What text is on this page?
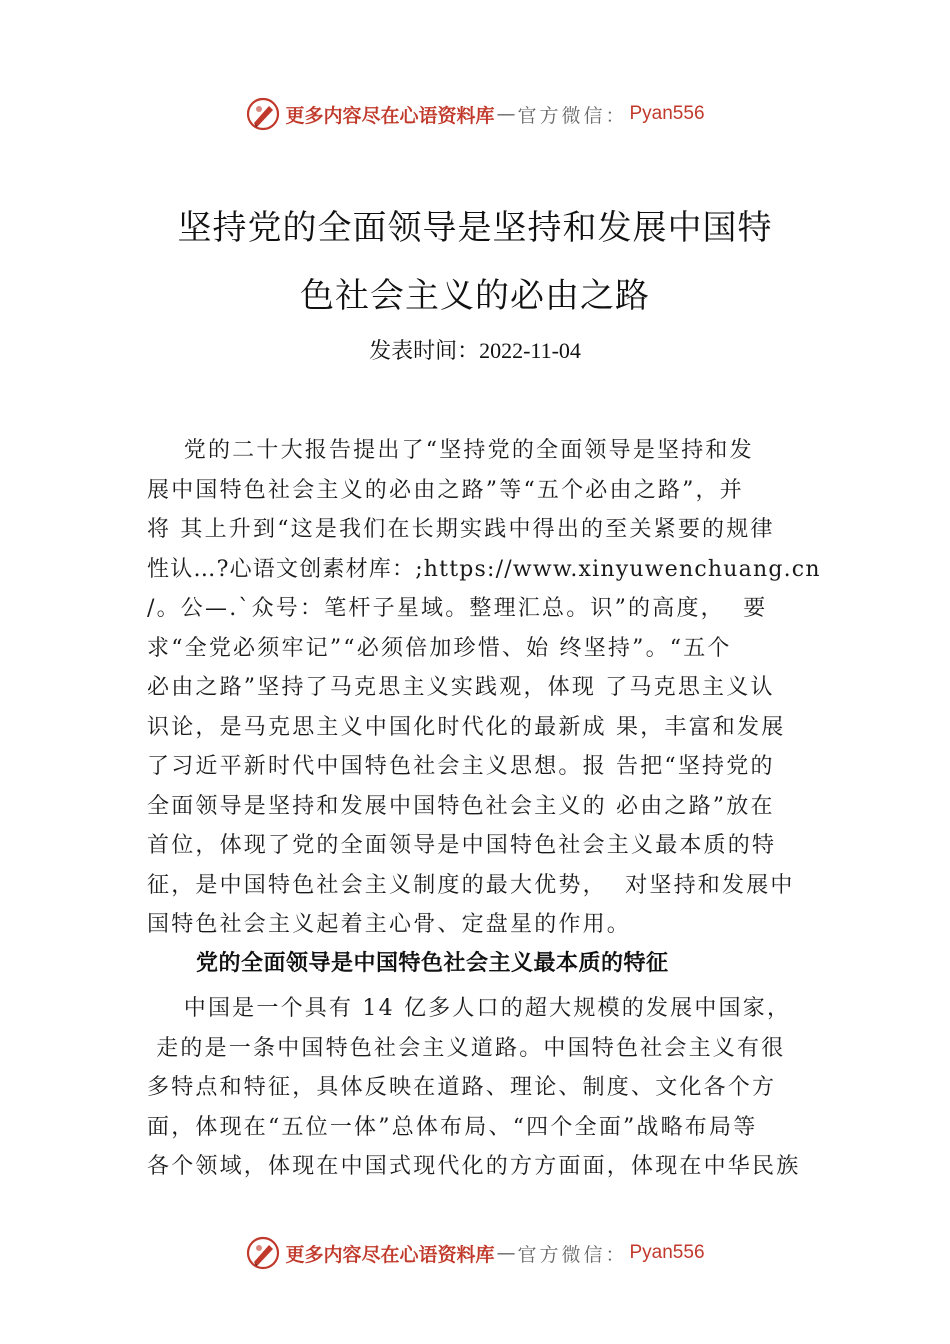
更多内容尽在心语资料库 — 官方微信： Pyan556
坚持党的全面领导是坚持和发展中国特
色社会主义的必由之路
发表时间：2022-11-04
党的二十大报告提出了“坚持党的全面领导是坚持和发
展中国特色社会主义的必由之路”等“五个必由之路”，并
将 其上升到“这是我们在长期实践中得出的至关紧要的规律
性认…?心语文创素材库：;https://www.xinyuwenchuang.cn
/。公—.`众号：笔杆子星域。整理汇总。识”的高度，  要
求“全党必须牢记”“必须倍加珍惜、始 终坚持”。“五个
必由之路”坚持了马克思主义实践观，体现 了马克思主义认
识论，是马克思主义中国化时代化的最新成 果，丰富和发展
了习近平新时代中国特色社会主义思想。报 告把“坚持党的
全面领导是坚持和发展中国特色社会主义的 必由之路”放在
首位，体现了党的全面领导是中国特色社会主义最本质的特
征，是中国特色社会主义制度的最大优势，  对坚持和发展中
国特色社会主义起着主心骨、定盘星的作用。
党的全面领导是中国特色社会主义最本质的特征
中国是一个具有 14 亿多人口的超大规模的发展中国家，
走的是一条中国特色社会主义道路。中国特色社会主义有很
多特点和特征，具体反映在道路、理论、制度、文化各个方
面，体现在“五位一体”总体布局、“四个全面”战略布局等
各个领域，体现在中国式现代化的方方面面，体现在中华民族
更多内容尽在心语资料库 — 官方微信： Pyan556
